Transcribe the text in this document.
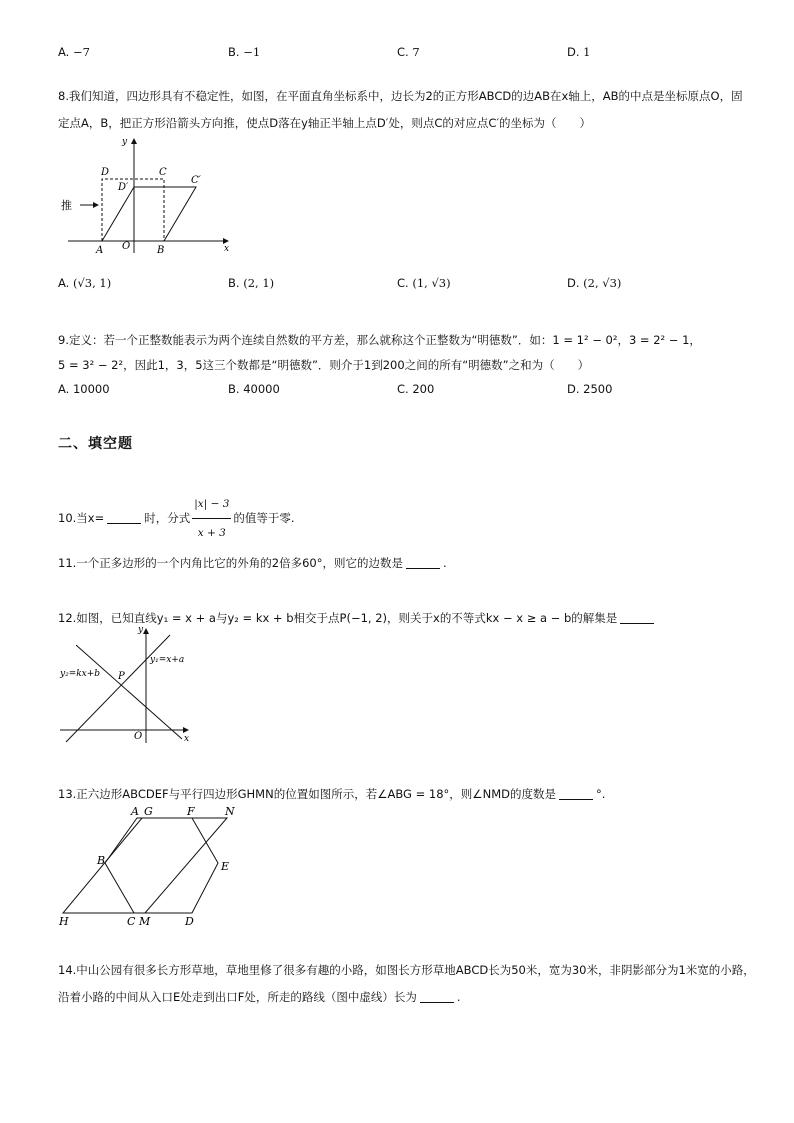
A. −7	B. −1	C. 7	D. 1
8.我们知道，四边形具有不稳定性，如图，在平面直角坐标系中，边长为2的正方形ABCD的边AB在x轴上，AB的中点是坐标原点O，固
定点A，B，把正方形沿箭头方向推，使点D落在y轴正半轴上点D′处，则点C的对应点C′的坐标为（　　）
推
y
x
D	C
D′
C′
A O	B
A. (√3, 1)	B. (2, 1)	C. (1, √3)	D. (2, √3)
9.定义：若一个正整数能表示为两个连续自然数的平方差，那么就称这个正整数为“明德数”．如：1 = 1² − 0²，3 = 2² − 1，
5 = 3² − 2²，因此1，3，5这三个数都是“明德数”．则介于1到200之间的所有“明德数”之和为（　　）
A. 10000	B. 40000	C. 200	D. 2500
二、填空题
10.当x=	时，分式 $\frac{|x| - 3}{x + 3}$ 的值等于零.
11.一个正多边形的一个内角比它的外角的2倍多60°，则它的边数是	.
12.如图，已知直线y₁ = x + a与y₂ = kx + b相交于点P(−1, 2)，则关于x的不等式kx − x ≥ a − b的解集是
y
x
O
P
y₁=x+a
y₂=kx+b
13.正六边形ABCDEF与平行四边形GHMN的位置如图所示，若∠ABG = 18°，则∠NMD的度数是	°.
A G	F	N
B	E
H	C M	D
14.中山公园有很多长方形草地，草地里修了很多有趣的小路，如图长方形草地ABCD长为50米，宽为30米，非阴影部分为1米宽的小路，
沿着小路的中间从入口E处走到出口F处，所走的路线（图中虚线）长为	.
